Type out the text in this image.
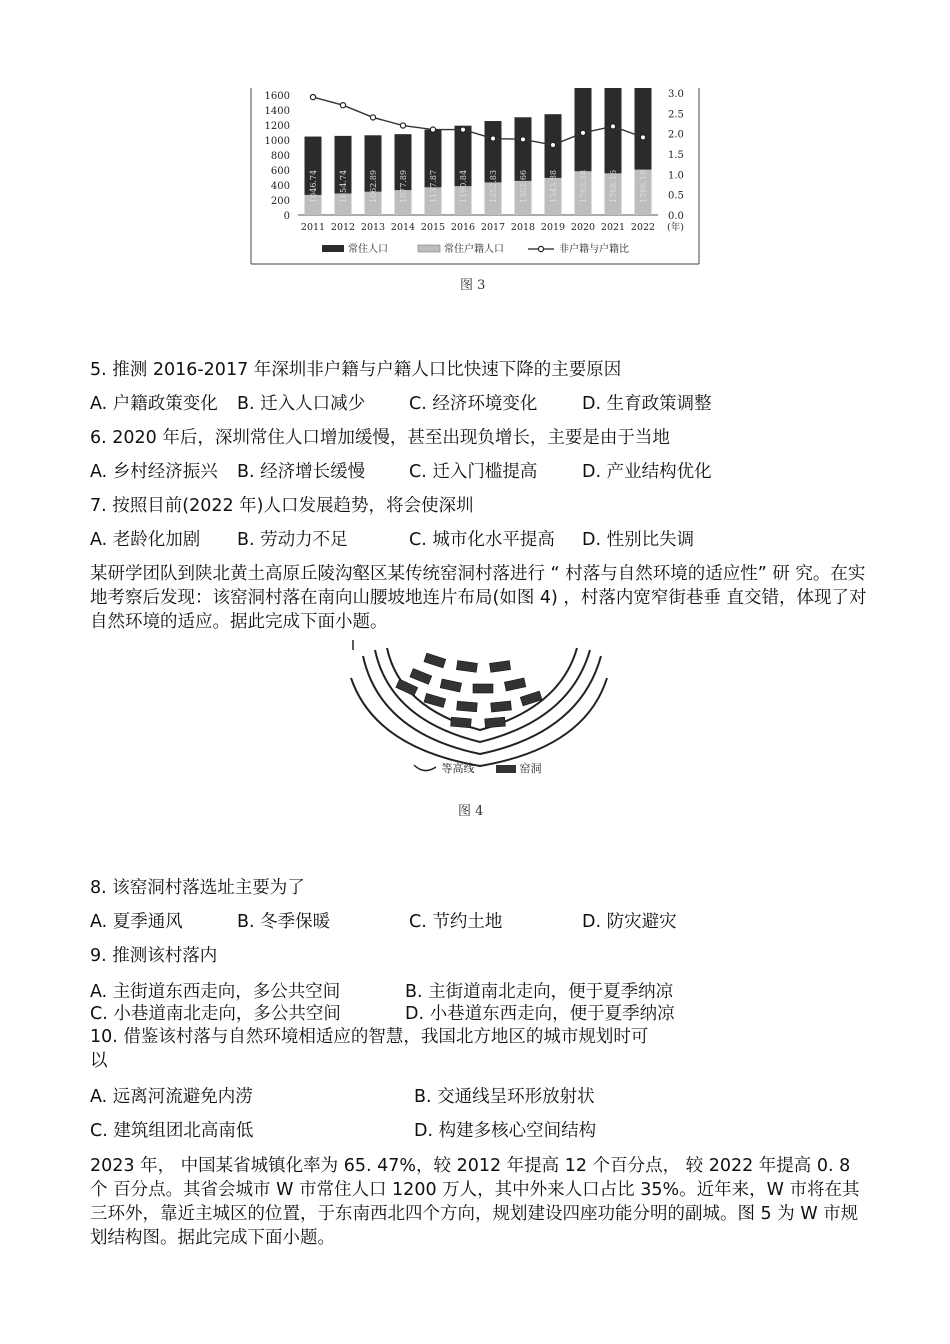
1600
1400
1200
1000
800
600
400
200
0
3.0
2.5
2.0
1.5
1.0
0.5
0.0
1046.74
2011
1054.74
2012
1062.89
2013
1077.89
2014
1137.87
2015
1190.84
2016
1252.83
2017
1302.66
2018
1343.88
2019
1763.38
2020
1768.16
2021
1766.18
2022 (年)
常住人口	常住户籍人口	非户籍与户籍比
图 3
5. 推测 2016-2017 年深圳非户籍与户籍人口比快速下降的主要原因
A. 户籍政策变化 B. 迁入人口减少	C. 经济环境变化	D. 生育政策调整
6. 2020 年后，深圳常住人口增加缓慢，甚至出现负增长，主要是由于当地
A. 乡村经济振兴 B. 经济增长缓慢	C. 迁入门槛提高	D. 产业结构优化
7. 按照目前(2022 年)人口发展趋势，将会使深圳
A. 老龄化加剧 B. 劳动力不足	C. 城市化水平提高 D. 性别比失调
某研学团队到陕北黄土高原丘陵沟壑区某传统窑洞村落进行 “ 村落与自然环境的适应性” 研 究。在实地考察后发现：该窑洞村落在南向山腰坡地连片布局(如图 4) ，村落内宽窄街巷垂 直交错，体现了对自然环境的适应。据此完成下面小题。
等高线	窑洞
图 4
8. 该窑洞村落选址主要为了
A. 夏季通风	B. 冬季保暖	C. 节约土地	D. 防灾避灾
9. 推测该村落内
A. 主街道东西走向，多公共空间	B. 主街道南北走向，便于夏季纳凉
C. 小巷道南北走向，多公共空间	D. 小巷道东西走向，便于夏季纳凉
10. 借鉴该村落与自然环境相适应的智慧，我国北方地区的城市规划时可
以
A. 远离河流避免内涝	B. 交通线呈环形放射状
C. 建筑组团北高南低	D. 构建多核心空间结构
2023 年， 中国某省城镇化率为 65. 47%，较 2012 年提高 12 个百分点， 较 2022 年提高 0. 8 个 百分点。其省会城市 W 市常住人口 1200 万人，其中外来人口占比 35%。近年来，W 市将在其 三环外，靠近主城区的位置，于东南西北四个方向，规划建设四座功能分明的副城。图 5 为 W 市规划结构图。据此完成下面小题。
